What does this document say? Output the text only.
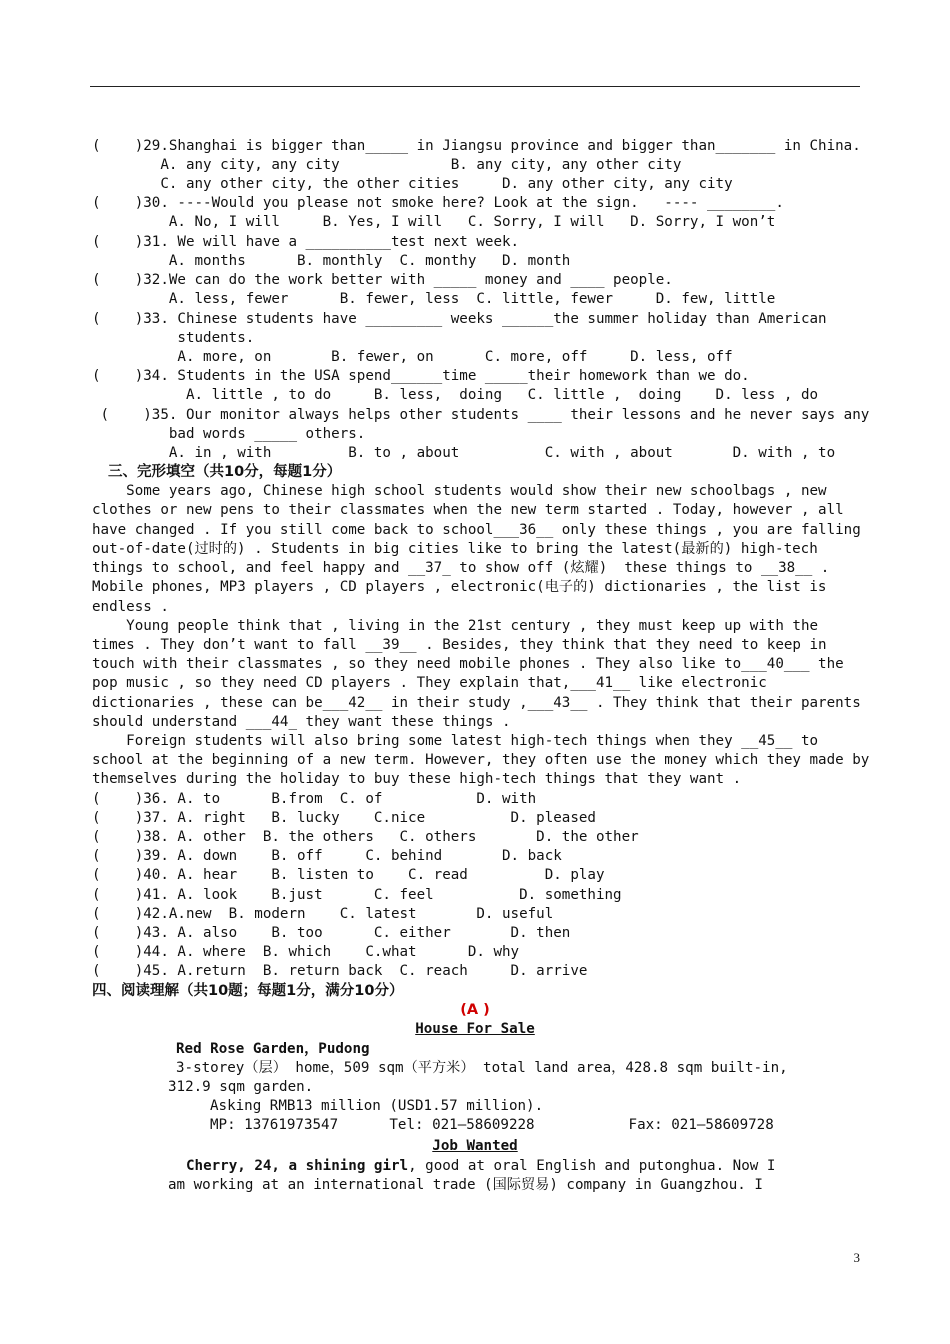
(    )29.Shanghai is bigger than_____ in Jiangsu province and bigger than_______ in China.
A. any city, any city             B. any city, any other city
C. any other city, the other cities     D. any other city, any city
(    )30. ----Would you please not smoke here? Look at the sign.   ---- ________.
A. No, I will     B. Yes, I will   C. Sorry, I will   D. Sorry, I won’t
(    )31. We will have a __________test next week.
A. months      B. monthly  C. monthy   D. month
(    )32.We can do the work better with _____ money and ____ people.
A. less, fewer      B. fewer, less  C. little, fewer     D. few, little
(    )33. Chinese students have _________ weeks ______the summer holiday than American
students.
A. more, on       B. fewer, on      C. more, off     D. less, off
(    )34. Students in the USA spend______time _____their homework than we do.
A. little , to do     B. less,  doing   C. little ,  doing    D. less , do
(    )35. Our monitor always helps other students ____ their lessons and he never says any
bad words _____ others.
A. in , with         B. to , about          C. with , about       D. with , to
三、完形填空（共10分，每题1分）
Some years ago, Chinese high school students would show their new schoolbags , new
clothes or new pens to their classmates when the new term started . Today, however , all
have changed . If you still come back to school___36__ only these things , you are falling
out-of-date(过时的) . Students in big cities like to bring the latest(最新的) high-tech
things to school, and feel happy and __37_ to show off (炫耀)  these things to __38__ .
Mobile phones, MP3 players , CD players , electronic(电子的) dictionaries , the list is
endless .
Young people think that , living in the 21st century , they must keep up with the
times . They don’t want to fall __39__ . Besides, they think that they need to keep in
touch with their classmates , so they need mobile phones . They also like to___40___ the
pop music , so they need CD players . They explain that,___41__ like electronic
dictionaries , these can be___42__ in their study ,___43__ . They think that their parents
should understand ___44_ they want these things .
Foreign students will also bring some latest high-tech things when they __45__ to
school at the beginning of a new term. However, they often use the money which they made by
themselves during the holiday to buy these high-tech things that they want .
(    )36. A. to      B.from  C. of           D. with
(    )37. A. right   B. lucky    C.nice          D. pleased
(    )38. A. other  B. the others   C. others       D. the other
(    )39. A. down    B. off     C. behind       D. back
(    )40. A. hear    B. listen to    C. read         D. play
(    )41. A. look    B.just      C. feel          D. something
(    )42.A.new  B. modern    C. latest       D. useful
(    )43. A. also    B. too      C. either       D. then
(    )44. A. where  B. which    C.what      D. why
(    )45. A.return  B. return back  C. reach     D. arrive
四、阅读理解（共10题；每题1分，满分10分）
(A )
House For Sale
Red Rose Garden，Pudong
3-storey（层） home，509 sqm（平方米） total land area，428.8 sqm built-in,
312.9 sqm garden.
Asking RMB13 million (USD1.57 million).
MP: 13761973547      Tel: 021—58609228           Fax: 021—58609728
Job Wanted
Cherry, 24, a shining girl, good at oral English and putonghua. Now I
am working at an international trade (国际贸易) company in Guangzhou. I
3
